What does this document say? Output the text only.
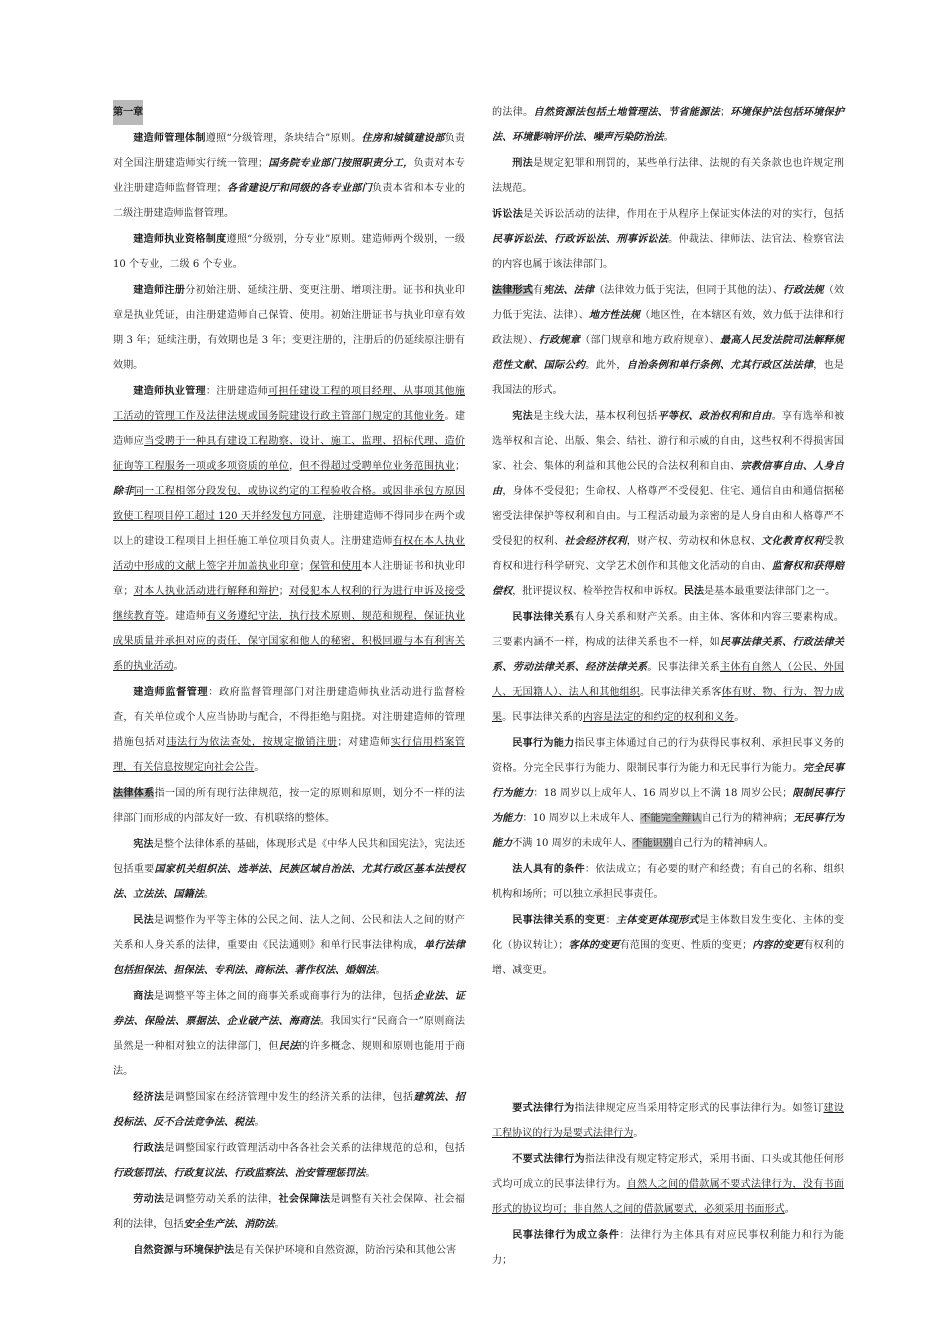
第一章

建造师管理体制遵照“分级管理，条块结合”原则。住房和城镇建设部负责对全国注册建造师实行统一管理；国务院专业部门按照职责分工，负责对本专业注册建造师监督管理；各省建设厅和同级的各专业部门负责本省和本专业的二级注册建造师监督管理。

建造师执业资格制度遵照“分级别，分专业”原则。建造师两个级别，一级 10 个专业，二级 6 个专业。

建造师注册分初始注册、延续注册、变更注册、增项注册。证书和执业印章是执业凭证，由注册建造师自己保管、使用。初始注册证书与执业印章有效期 3 年；延续注册，有效期也是 3 年；变更注册的，注册后的仍延续原注册有效期。

建造师执业管理：注册建造师可担任建设工程的项目经理、从事项其他施工活动的管理工作及法律法规或国务院建设行政主管部门规定的其他业务。建造师应当受聘于一种具有建设工程勘察、设计、施工、监理、招标代理、造价征询等工程服务一项或多项资质的单位，但不得超过受聘单位业务范围执业；除非同一工程相邻分段发包，或协议约定的工程验收合格。或因非承包方原因致使工程项目停工超过 120 天并经发包方同意，注册建造师不得同步在两个或以上的建设工程项目上担任施工单位项目负责人。注册建造师有权在本人执业活动中形成的文献上签字并加盖执业印章；保管和使用本人注册证书和执业印章；对本人执业活动进行解释和辩护；对侵犯本人权利的行为进行申诉及接受继续教育等。建造师有义务遵纪守法，执行技术原则、规范和规程，保证执业成果质量并承担对应的责任，保守国家和他人的秘密，积极回避与本有利害关系的执业活动。

建造师监督管理：政府监督管理部门对注册建造师执业活动进行监督检查，有关单位或个人应当协助与配合，不得拒绝与阻挠。对注册建造师的管理措施包括对违法行为依法查处，按规定撤销注册；对建造师实行信用档案管理，有关信息按规定向社会公告。

法律体系指一国的所有现行法律规范，按一定的原则和原则，划分不一样的法律部门而形成的内部友好一致、有机联络的整体。

宪法是整个法律体系的基础，体现形式是《中华人民共和国宪法》，宪法还包括重要国家机关组织法、选举法、民族区域自治法、尤其行政区基本法授权法、立法法、国籍法。

民法是调整作为平等主体的公民之间、法人之间、公民和法人之间的财产关系和人身关系的法律，重要由《民法通则》和单行民事法律构成，单行法律包括担保法、担保法、专利法、商标法、著作权法、婚姻法。

商法是调整平等主体之间的商事关系或商事行为的法律，包括企业法、证券法、保险法、票据法、企业破产法、海商法。我国实行“民商合一”原则商法虽然是一种相对独立的法律部门，但民法的许多概念、规则和原则也能用于商法。

经济法是调整国家在经济管理中发生的经济关系的法律，包括建筑法、招投标法、反不合法竞争法、税法。

行政法是调整国家行政管理活动中各各社会关系的法律规范的总和，包括行政惩罚法、行政复议法、行政监察法、治安管理惩罚法。

劳动法是调整劳动关系的法律，社会保障法是调整有关社会保障、社会福利的法律，包括安全生产法、消防法。

自然资源与环境保护法是有关保护环境和自然资源，防治污染和其他公害

的法律。自然资源法包括土地管理法、节省能源法；环境保护法包括环境保护法、环境影响评价法、噪声污染防治法。

刑法是规定犯罪和刑罚的，某些单行法律、法规的有关条款也也许规定刑法规范。

诉讼法是关诉讼活动的法律，作用在于从程序上保证实体法的对的实行，包括民事诉讼法、行政诉讼法、刑事诉讼法。仲裁法、律师法、法官法、检察官法的内容也属于该法律部门。

法律形式有宪法、法律（法律效力低于宪法，但同于其他的法）、行政法规（效力低于宪法、法律）、地方性法规（地区性，在本辖区有效，效力低于法律和行政法规）、行政规章（部门规章和地方政府规章）、最高人民发法院司法解释规范性文献、国际公约。此外，自治条例和单行条例、尤其行政区法法律，也是我国法的形式。

宪法是主线大法，基本权利包括平等权、政治权利和自由。享有选举和被选举权和言论、出版、集会、结社、游行和示威的自由，这些权利不得损害国家、社会、集体的利益和其他公民的合法权利和自由、宗教信事自由、人身自由，身体不受侵犯；生命权、人格尊严不受侵犯、住宅、通信自由和通信据秘密受法律保护等权利和自由。与工程活动最为亲密的是人身自由和人格尊严不受侵犯的权利、社会经济权利，财产权、劳动权和休息权、文化教育权利受教育权和进行科学研究、文学艺术创作和其他文化活动的自由、监督权和获得赔偿权，批评提议权、检举控告权和申诉权。民法是基本最重要法律部门之一。

民事法律关系有人身关系和财产关系。由主体、客体和内容三要素构成。三要素内涵不一样，构成的法律关系也不一样，如民事法律关系、行政法律关系、劳动法律关系、经济法律关系。民事法律关系主体有自然人（公民、外国人、无国籍人）、法人和其他组织。民事法律关系客体有财、物、行为、智力成果。民事法律关系的内容是法定的和约定的权利和义务。

民事行为能力指民事主体通过自己的行为获得民事权利、承担民事义务的资格。分完全民事行为能力、限制民事行为能力和无民事行为能力。完全民事行为能力：18 周岁以上成年人、16 周岁以上不满 18 周岁公民；限制民事行为能力：10 周岁以上未成年人、不能完全辩认自己行为的精神病；无民事行为能力不满 10 周岁的未成年人、不能识别自己行为的精神病人。

法人具有的条件：依法成立；有必要的财产和经费；有自己的名称、组织机构和场所；可以独立承担民事责任。

民事法律关系的变更：主体变更体现形式是主体数目发生变化、主体的变化（协议转让）；客体的变更有范围的变更、性质的变更；内容的变更有权利的增、减变更。

要式法律行为指法律规定应当采用特定形式的民事法律行为。如签订建设工程协议的行为是要式法律行为。

不要式法律行为指法律没有规定特定形式，采用书面、口头或其他任何形式均可成立的民事法律行为。自然人之间的借款属不要式法律行为，没有书面形式的协议均可；非自然人之间的借款属要式，必须采用书面形式。

民事法律行为成立条件：法律行为主体具有对应民事权利能力和行为能力；
